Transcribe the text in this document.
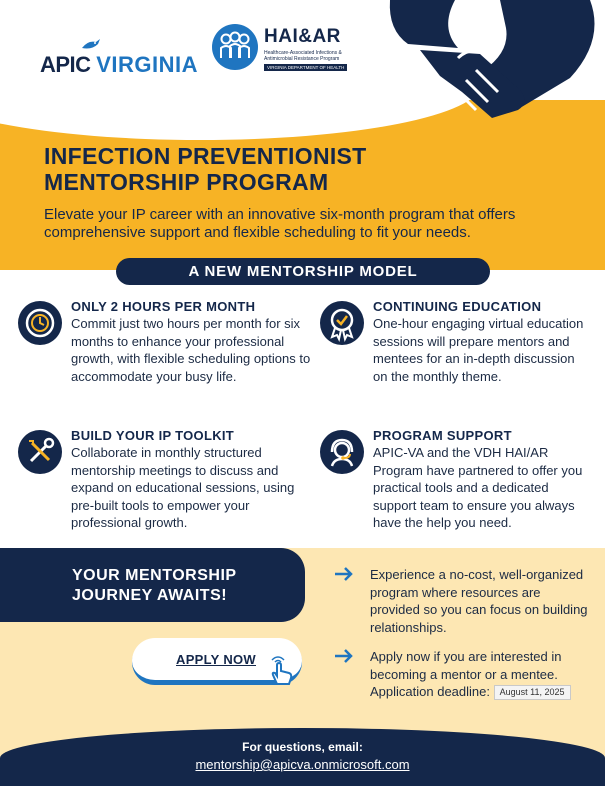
APIC VIRGINIA
HAI&AR
Healthcare-Associated Infections &
Antimicrobial Resistance Program
VIRGINIA DEPARTMENT OF HEALTH
INFECTION PREVENTIONIST
MENTORSHIP PROGRAM
Elevate your IP career with an innovative six-month program that offers comprehensive support and flexible scheduling to fit your needs.
A NEW MENTORSHIP MODEL
ONLY 2 HOURS PER MONTH
Commit just two hours per month for six months to enhance your professional growth, with flexible scheduling options to accommodate your busy life.
CONTINUING EDUCATION
One-hour engaging virtual education sessions will prepare mentors and mentees for an in-depth discussion on the monthly theme.
BUILD YOUR IP TOOLKIT
Collaborate in monthly structured mentorship meetings to discuss and expand on educational sessions, using pre-built tools to empower your professional growth.
PROGRAM SUPPORT
APIC-VA and the VDH HAI/AR Program have partnered to offer you practical tools and a dedicated support team to ensure you always have the help you need.
YOUR MENTORSHIP
JOURNEY AWAITS!
APPLY NOW
Experience a no-cost, well-organized program where resources are provided so you can focus on building relationships.
Apply now if you are interested in becoming a mentor or a mentee. Application deadline: August 11, 2025
For questions, email:
mentorship@apicva.onmicrosoft.com
